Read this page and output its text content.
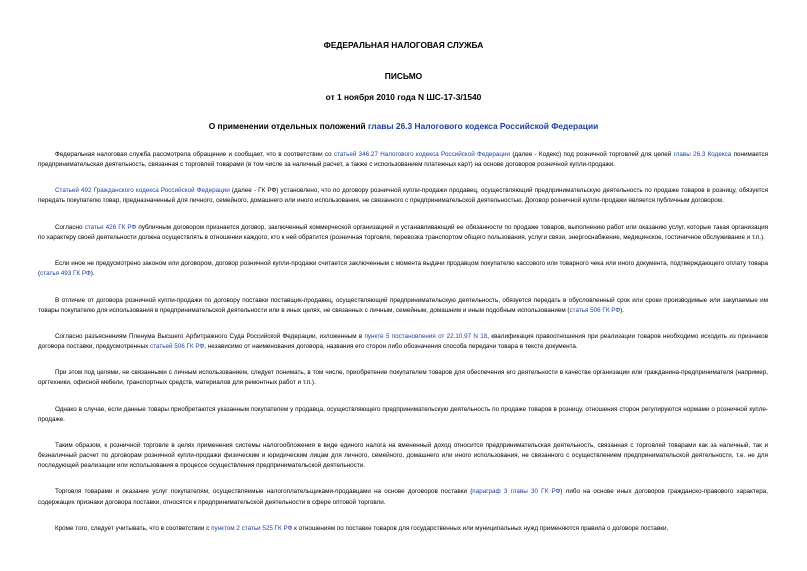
ФЕДЕРАЛЬНАЯ НАЛОГОВАЯ СЛУЖБА

ПИСЬМО

от 1 ноября 2010 года N ШС-17-3/1540

О применении отдельных положений главы 26.3 Налогового кодекса Российской Федерации

Федеральная налоговая служба рассмотрела обращение и сообщает, что в соответствии со статьей 346.27 Налогового кодекса Российской Федерации (далее - Кодекс) под розничной торговлей для целей главы 26.3 Кодекса понимается предпринимательская деятельность, связанная с торговлей товарами (в том числе за наличный расчет, а также с использованием платежных карт) на основе договоров розничной купли-продажи.

Статьей 492 Гражданского кодекса Российской Федерации (далее - ГК РФ) установлено, что по договору розничной купли-продажи продавец, осуществляющий предпринимательскую деятельность по продаже товаров в розницу, обязуется передать покупателю товар, предназначенный для личного, семейного, домашнего или иного использования, не связанного с предпринимательской деятельностью. Договор розничной купли-продажи является публичным договором.

Согласно статье 426 ГК РФ публичным договором признается договор, заключенный коммерческой организацией и устанавливающий ее обязанности по продаже товаров, выполнению работ или оказанию услуг, которые такая организация по характеру своей деятельности должна осуществлять в отношении каждого, кто к ней обратится (розничная торговля, перевозка транспортом общего пользования, услуги связи, энергоснабжение, медицинское, гостиничное обслуживание и т.п.).

Если иное не предусмотрено законом или договором, договор розничной купли-продажи считается заключенным с момента выдачи продавцом покупателю кассового или товарного чека или иного документа, подтверждающего оплату товара (статья 493 ГК РФ).

В отличие от договора розничной купли-продажи по договору поставки поставщик-продавец, осуществляющий предпринимательскую деятельность, обязуется передать в обусловленный срок или сроки производимые или закупаемые им товары покупателю для использования в предпринимательской деятельности или в иных целях, не связанных с личным, семейным, домашним и иным подобным использованием (статья 506 ГК РФ).

Согласно разъяснениям Пленума Высшего Арбитражного Суда Российской Федерации, изложенным в пункте 5 постановления от 22.10.97 N 18, квалификация правоотношения при реализации товаров необходимо исходить из признаков договора поставки, предусмотренных статьей 506 ГК РФ, независимо от наименования договора, названия его сторон либо обозначения способа передачи товара в тексте документа.

При этом под целями, не связанными с личным использованием, следует понимать, в том числе, приобретение покупателем товаров для обеспечения его деятельности в качестве организации или гражданина-предпринимателя (например, оргтехники, офисной мебели, транспортных средств, материалов для ремонтных работ и т.п.).

Однако в случае, если данные товары приобретаются указанным покупателем у продавца, осуществляющего предпринимательскую деятельность по продаже товаров в розницу, отношения сторон регулируются нормами о розничной купле-продаже.

Таким образом, к розничной торговле в целях применения системы налогообложения в виде единого налога на вмененный доход относится предпринимательская деятельность, связанная с торговлей товарами как за наличный, так и безналичный расчет по договорам розничной купли-продажи физическим и юридическим лицам для личного, семейного, домашнего или иного использования, не связанного с осуществлением предпринимательской деятельности, т.е. не для последующей реализации или использования в процессе осуществления предпринимательской деятельности.

Торговля товарами и оказание услуг покупателям, осуществляемые налогоплательщиками-продавцами на основе договоров поставки (параграф 3 главы 30 ГК РФ) либо на основе иных договоров гражданско-правового характера, содержащих признаки договора поставки, относятся к предпринимательской деятельности в сфере оптовой торговли.

Кроме того, следует учитывать, что в соответствии с пунктом 2 статьи 525 ГК РФ к отношениям по поставке товаров для государственных или муниципальных нужд применяются правила о договоре поставки,
